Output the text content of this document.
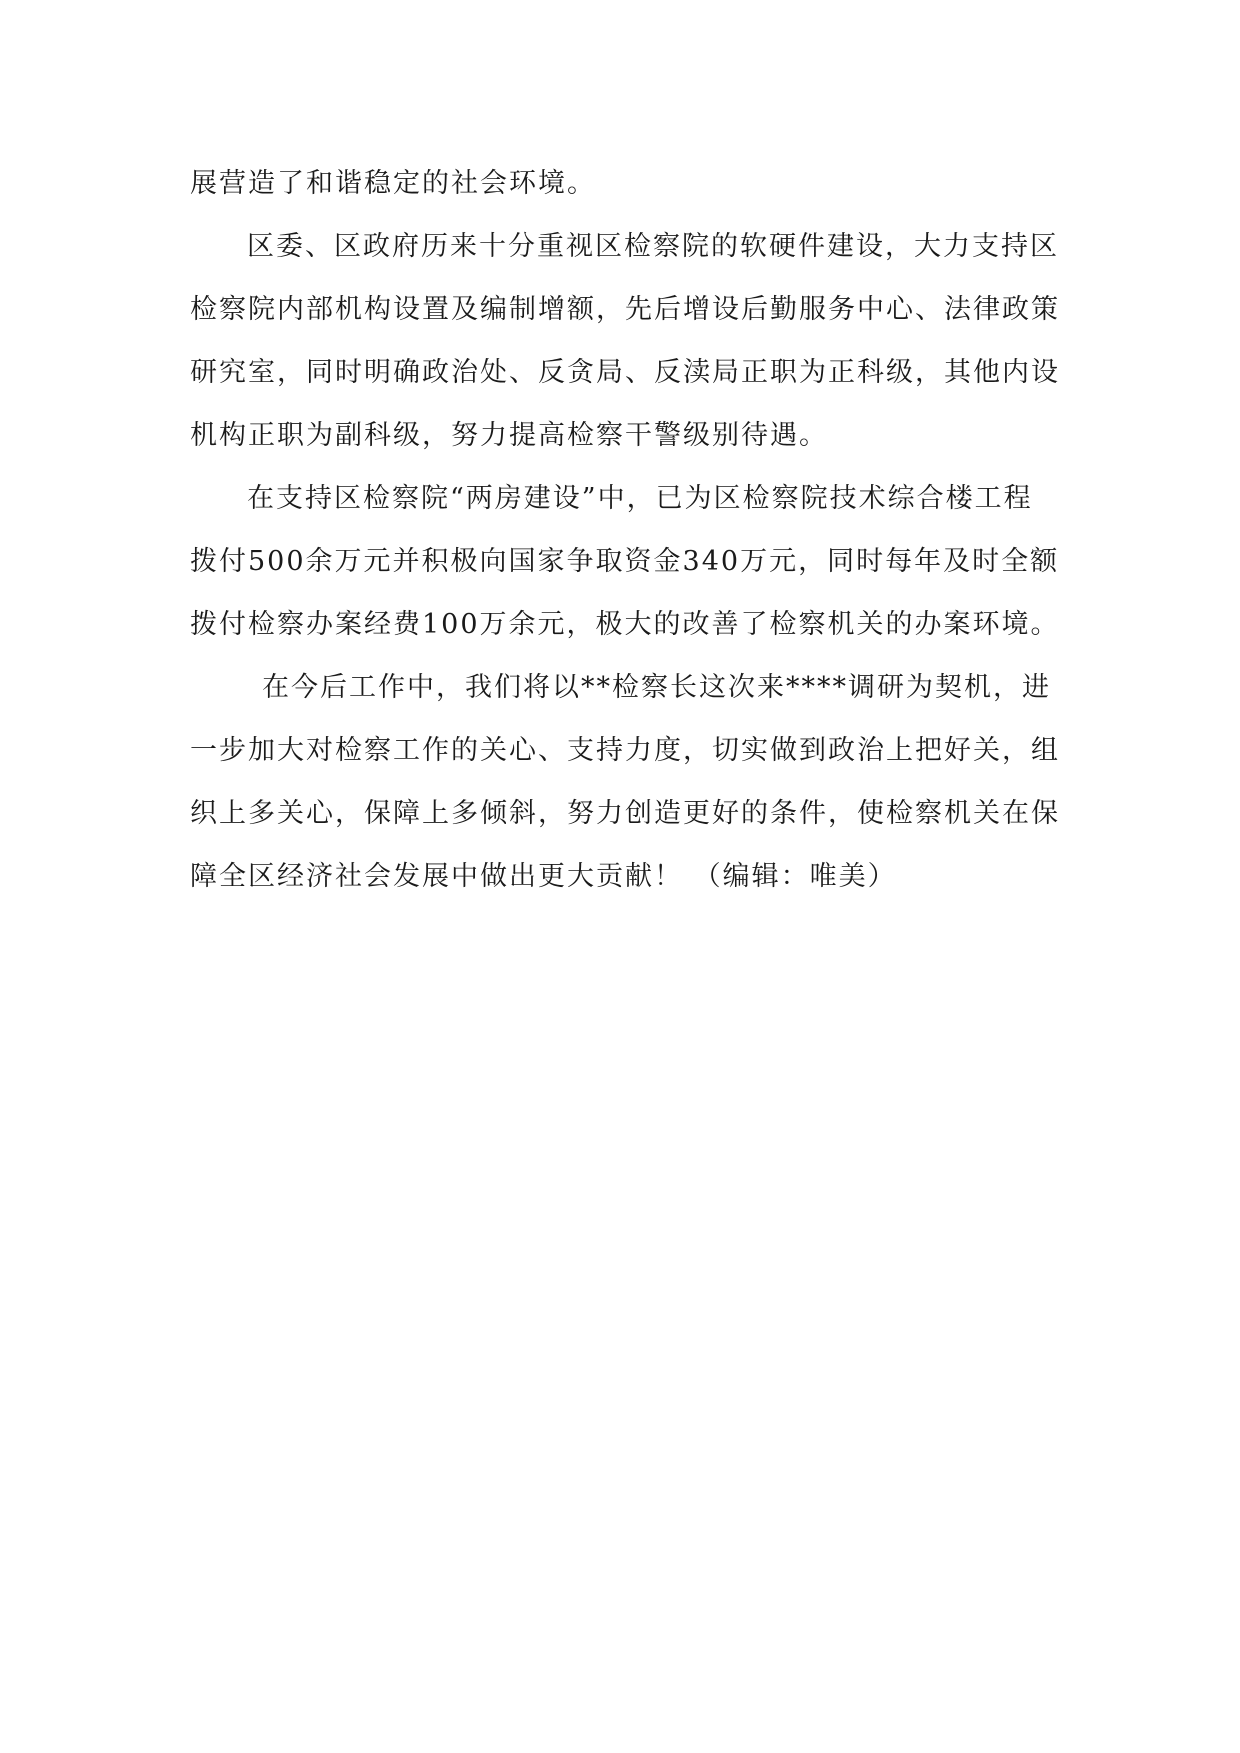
展营造了和谐稳定的社会环境。
区委、区政府历来十分重视区检察院的软硬件建设，大力支持区
检察院内部机构设置及编制增额，先后增设后勤服务中心、法律政策
研究室，同时明确政治处、反贪局、反渎局正职为正科级，其他内设
机构正职为副科级，努力提高检察干警级别待遇。
在支持区检察院“两房建设”中，已为区检察院技术综合楼工程
拨付500余万元并积极向国家争取资金340万元，同时每年及时全额
拨付检察办案经费100万余元，极大的改善了检察机关的办案环境。
在今后工作中，我们将以**检察长这次来****调研为契机，进
一步加大对检察工作的关心、支持力度，切实做到政治上把好关，组
织上多关心，保障上多倾斜，努力创造更好的条件，使检察机关在保
障全区经济社会发展中做出更大贡献！ （编辑：唯美）
